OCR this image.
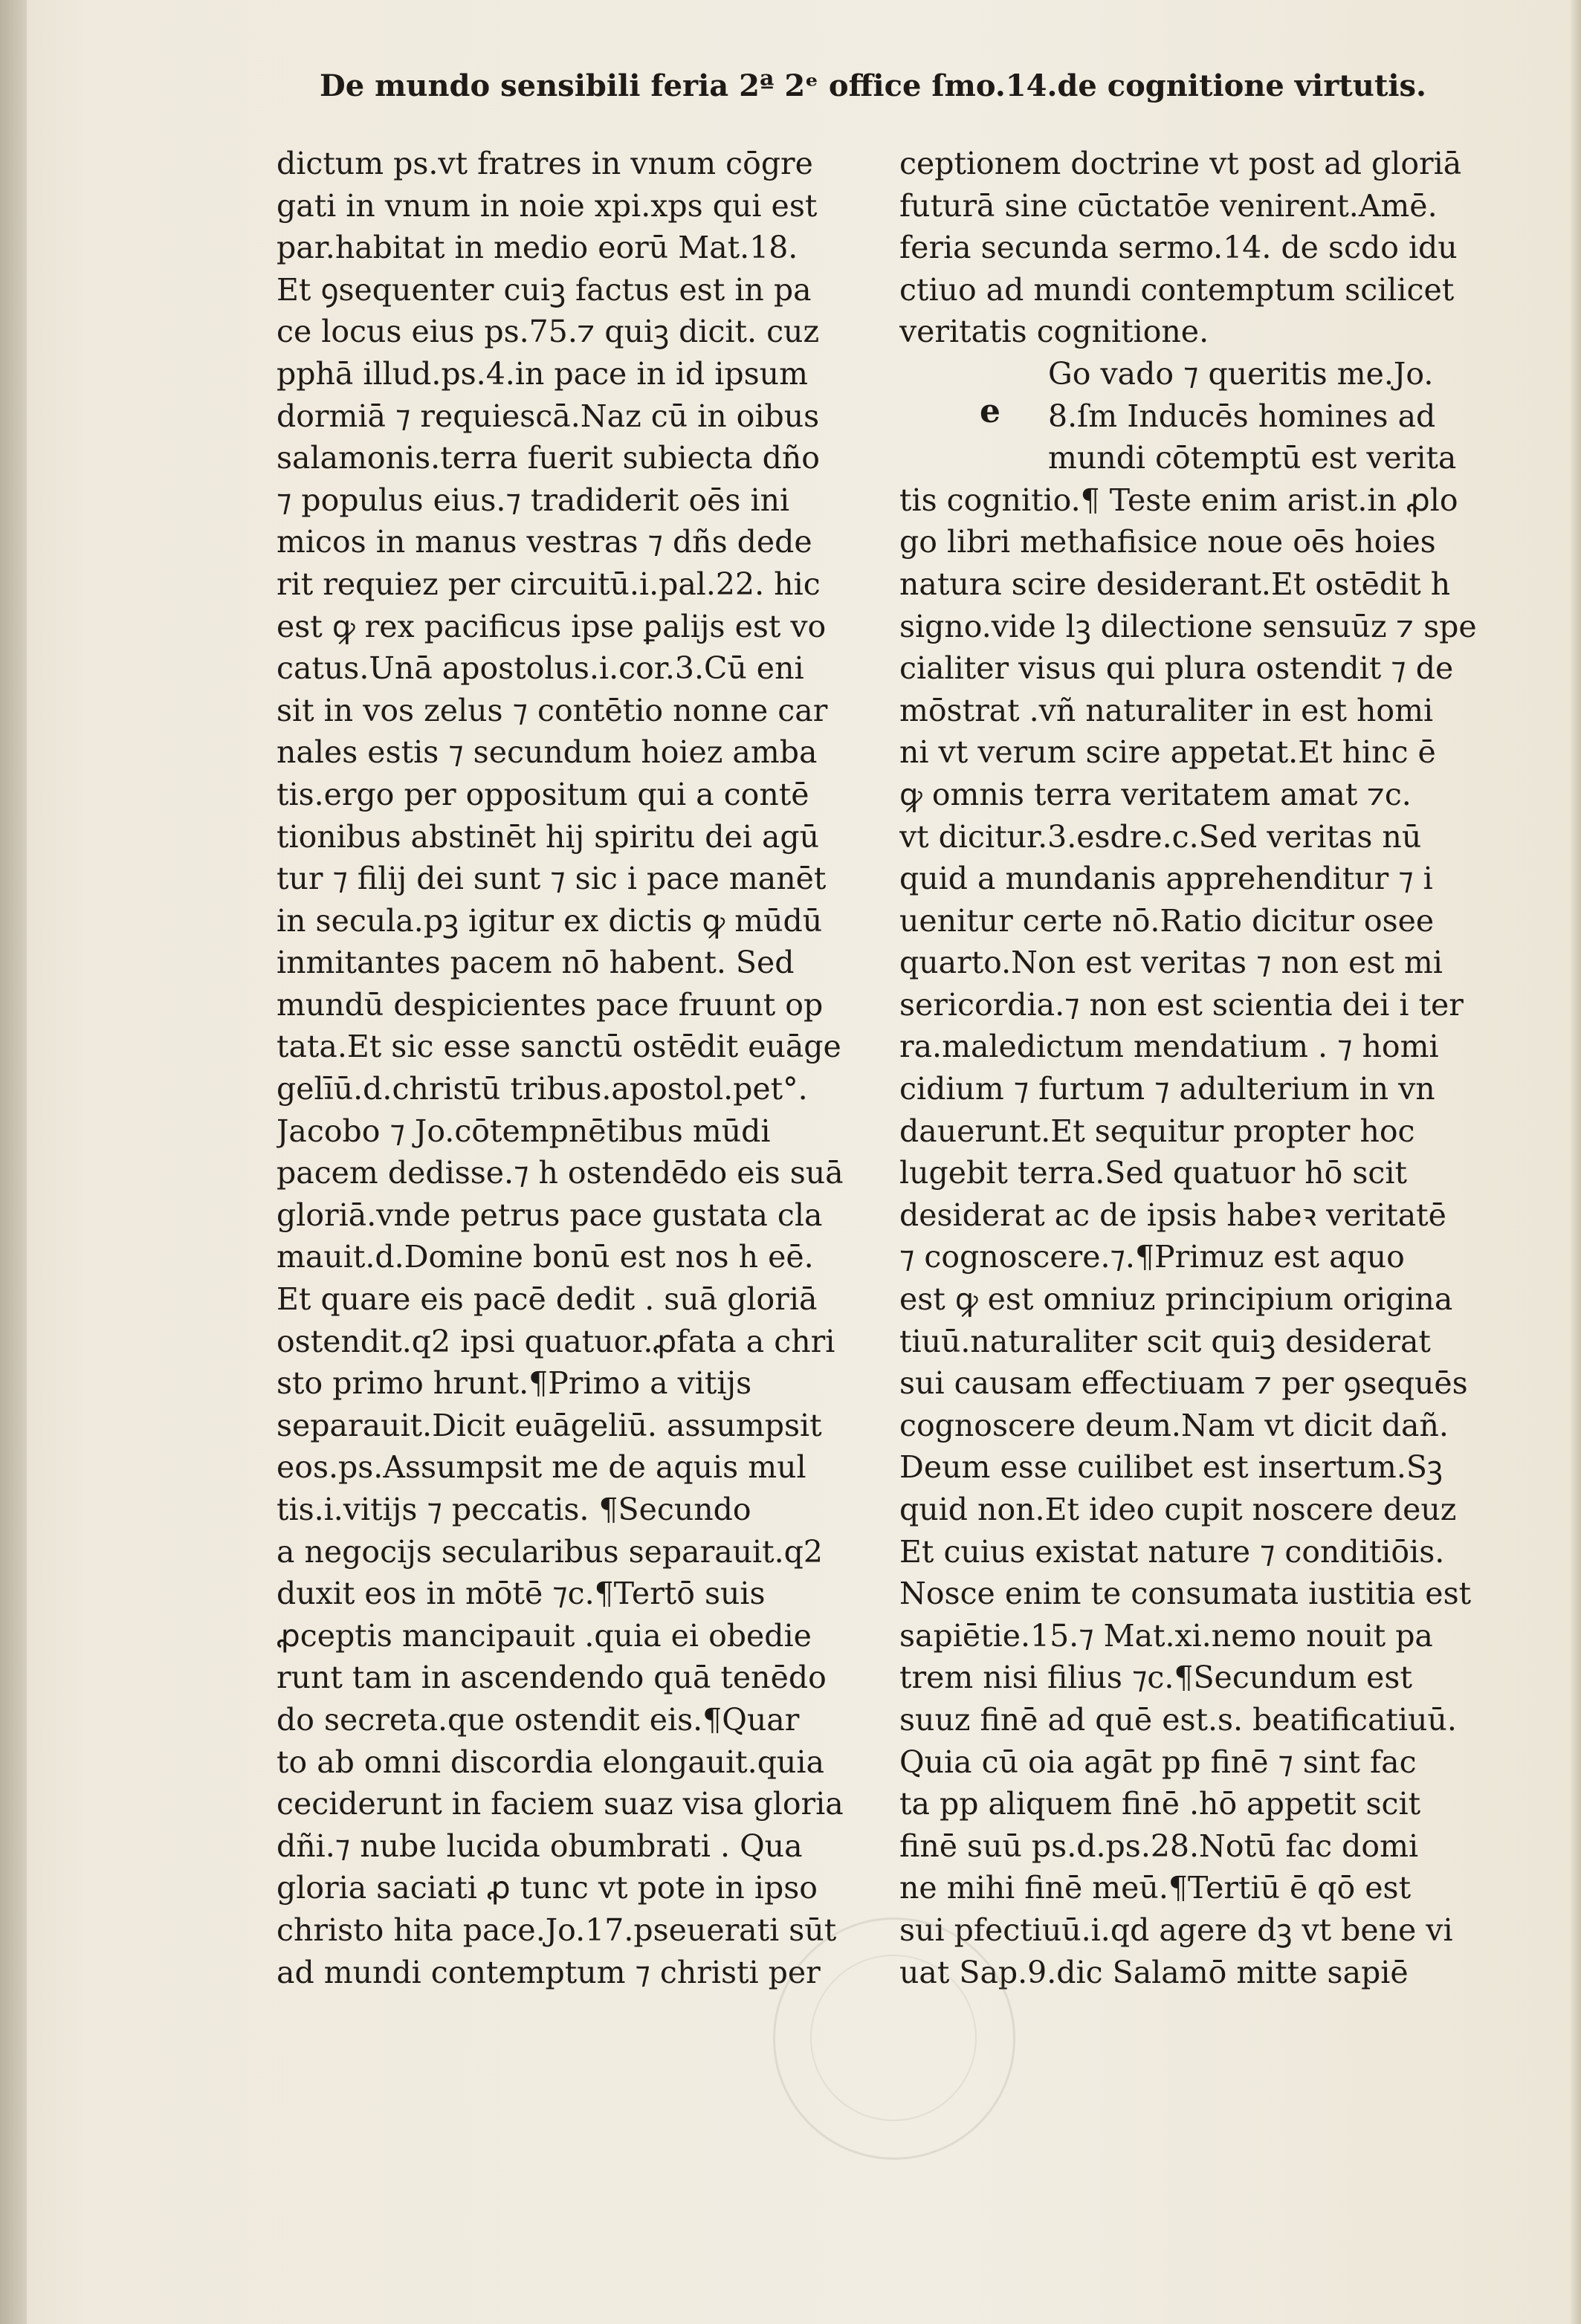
De mundo sensibili feria 2ª 2ᵉ office ſmo.14.de cognitione virtutis.
dictum ps.vt fratres in vnum cōgre
gati in vnum in noie xpi.xps qui est
par.habitat in medio eorū Mat.18.
Et ꝯsequenter cuiꝫ factus est in pa
ce locus eius ps.75.⁊ quiꝫ dicit. cuz
pphā illud.ps.4.in pace in id ipsum
dormiā ⁊ requiescā.Naz cū in oibus
salamonis.terra fuerit subiecta dño
⁊ populus eius.⁊ tradiderit oēs ini
micos in manus vestras ⁊ dñs dede
rit requiez per circuitū.i.pal.22. hic
est ꝙ rex pacificus ipse ꝑalijs est vo
catus.Unā apostolus.i.cor.3.Cū eni
sit in vos zelus ⁊ contētio nonne car
nales estis ⁊ secundum hoiez amba
tis.ergo per oppositum qui a contē
tionibus abstinēt hij spiritu dei agū
tur ⁊ filij dei sunt ⁊ sic i pace manēt
in secula.pꝫ igitur ex dictis ꝙ mūdū
inmitantes pacem nō habent. Sed
mundū despicientes pace fruunt op
tata.Et sic esse sanctū ostēdit euāge
gelīū.d.christū tribus.apostol.pet°.
Jacobo ⁊ Jo.cōtempnētibus mūdi
pacem dedisse.⁊ h ostendēdo eis suā
gloriā.vnde petrus pace gustata cla
mauit.d.Domine bonū est nos h eē.
Et quare eis pacē dedit . suā gloriā
ostendit.q2 ipsi quatuor.ꝓfata a chri
sto primo hrunt.¶Primo a vitijs
separauit.Dicit euāgeliū. assumpsit
eos.ps.Assumpsit me de aquis mul
tis.i.vitijs ⁊ peccatis. ¶Secundo
a negocijs secularibus separauit.q2
duxit eos in mōtē ⁊c.¶Tertō suis
ꝓceptis mancipauit .quia ei obedie
runt tam in ascendendo quā tenēdo
do secreta.que ostendit eis.¶Quar
to ab omni discordia elongauit.quia
ceciderunt in faciem suaz visa gloria
dñi.⁊ nube lucida obumbrati . Qua
gloria saciati ꝓ tunc vt pote in ipso
christo hita pace.Jo.17.pseuerati sūt
ad mundi contemptum ⁊ christi per
ceptionem doctrine vt post ad gloriā
futurā sine cūctatōe venirent.Amē.
feria secunda sermo.14. de scdo idu
ctiuo ad mundi contemptum scilicet
veritatis cognitione.
Go vado ⁊ queritis me.Jo.
8.ſm Inducēs homines ad
mundi cōtemptū est verita
tis cognitio.¶ Teste enim arist.in ꝓlo
go libri methafisice noue oēs hoies
natura scire desiderant.Et ostēdit h
signo.vide lꝫ dilectione sensuūz ⁊ spe
cialiter visus qui plura ostendit ⁊ de
mōstrat .vñ naturaliter in est homi
ni vt verum scire appetat.Et hinc ē
ꝙ omnis terra veritatem amat ⁊c.
vt dicitur.3.esdre.c.Sed veritas nū
quid a mundanis apprehenditur ⁊ i
uenitur certe nō.Ratio dicitur osee
quarto.Non est veritas ⁊ non est mi
sericordia.⁊ non est scientia dei i ter
ra.maledictum mendatium . ⁊ homi
cidium ⁊ furtum ⁊ adulterium in vn
dauerunt.Et sequitur propter hoc
lugebit terra.Sed quatuor hō scit
desiderat ac de ipsis habeꝛ veritatē
⁊ cognoscere.⁊.¶Primuz est aquo
est ꝙ est omniuz principium origina
tiuū.naturaliter scit quiꝫ desiderat
sui causam effectiuam ⁊ per ꝯsequēs
cognoscere deum.Nam vt dicit dañ.
Deum esse cuilibet est insertum.Sꝫ
quid non.Et ideo cupit noscere deuz
Et cuius existat nature ⁊ conditiōis.
Nosce enim te consumata iustitia est
sapiētie.15.⁊ Mat.xi.nemo nouit pa
trem nisi filius ⁊c.¶Secundum est
suuz finē ad quē est.s. beatificatiuū.
Quia cū oia agāt pp finē ⁊ sint fac
ta pp aliquem finē .hō appetit scit
finē suū ps.d.ps.28.Notū fac domi
ne mihi finē meū.¶Tertiū ē qō est
sui pfectiuū.i.qd agere dꝫ vt bene vi
uat Sap.9.dic Salamō mitte sapiē
e
